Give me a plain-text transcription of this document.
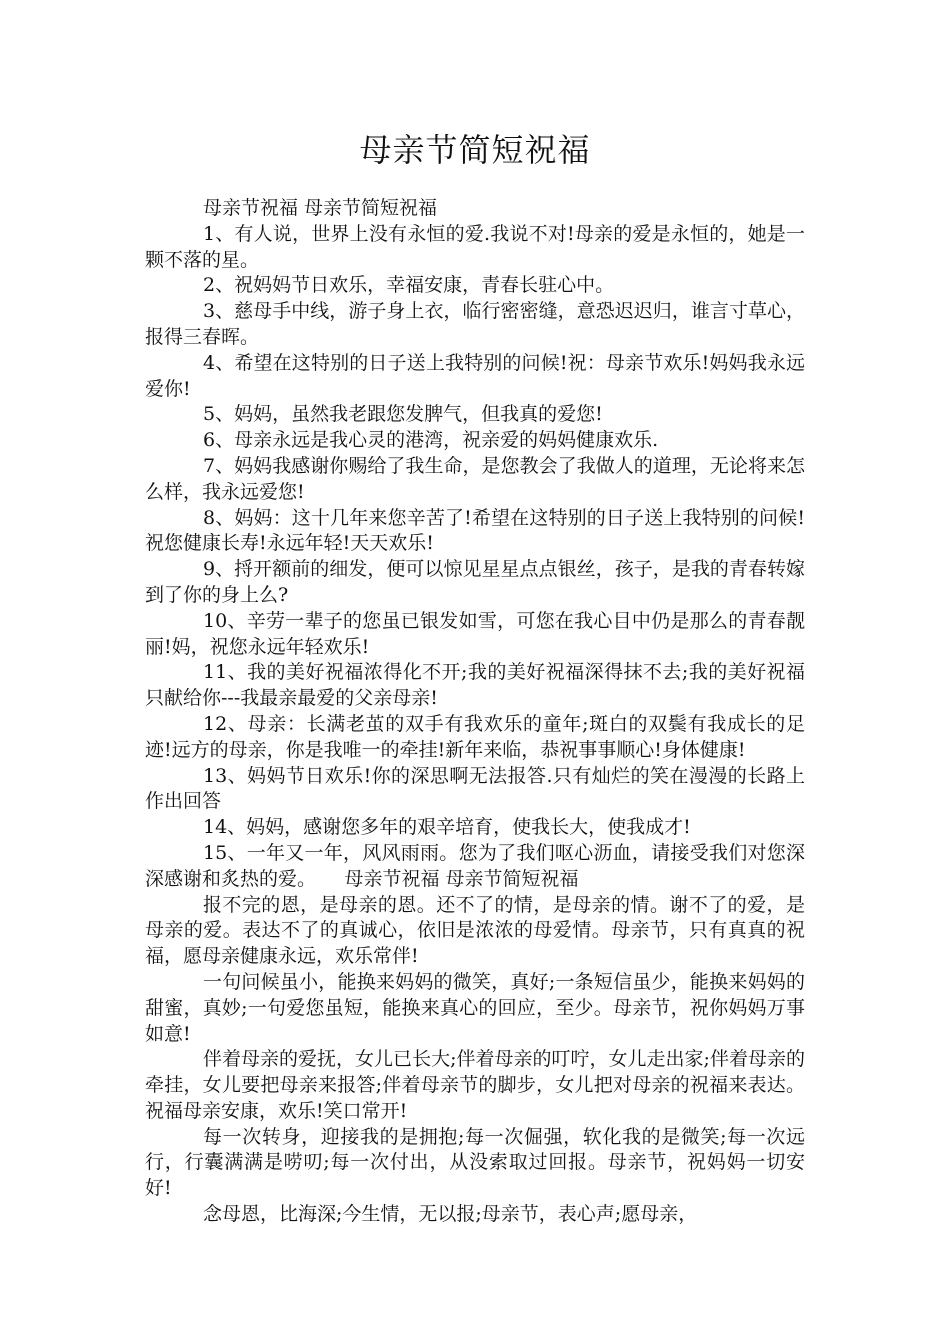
母亲节简短祝福

母亲节祝福 母亲节简短祝福

1、有人说，世界上没有永恒的爱.我说不对!母亲的爱是永恒的，她是一颗不落的星。

2、祝妈妈节日欢乐，幸福安康，青春长驻心中。

3、慈母手中线，游子身上衣，临行密密缝，意恐迟迟归，谁言寸草心，报得三春晖。

4、希望在这特别的日子送上我特别的问候!祝：母亲节欢乐!妈妈我永远爱你!

5、妈妈，虽然我老跟您发脾气，但我真的爱您!

6、母亲永远是我心灵的港湾，祝亲爱的妈妈健康欢乐.

7、妈妈我感谢你赐给了我生命，是您教会了我做人的道理，无论将来怎么样，我永远爱您!

8、妈妈：这十几年来您辛苦了!希望在这特别的日子送上我特别的问候!祝您健康长寿!永远年轻!天天欢乐!

9、捋开额前的细发，便可以惊见星星点点银丝，孩子，是我的青春转嫁到了你的身上么?

10、辛劳一辈子的您虽已银发如雪，可您在我心目中仍是那么的青春靓丽!妈，祝您永远年轻欢乐!

11、我的美好祝福浓得化不开;我的美好祝福深得抹不去;我的美好祝福只献给你---我最亲最爱的父亲母亲!

12、母亲：长满老茧的双手有我欢乐的童年;斑白的双鬓有我成长的足迹!远方的母亲，你是我唯一的牵挂!新年来临，恭祝事事顺心!身体健康!

13、妈妈节日欢乐!你的深思啊无法报答.只有灿烂的笑在漫漫的长路上作出回答

14、妈妈，感谢您多年的艰辛培育，使我长大，使我成才!

15、一年又一年，风风雨雨。您为了我们呕心沥血，请接受我们对您深深感谢和炙热的爱。　　母亲节祝福 母亲节简短祝福

报不完的恩，是母亲的恩。还不了的情，是母亲的情。谢不了的爱，是母亲的爱。表达不了的真诚心，依旧是浓浓的母爱情。母亲节，只有真真的祝福，愿母亲健康永远，欢乐常伴!

一句问候虽小，能换来妈妈的微笑，真好;一条短信虽少，能换来妈妈的甜蜜，真妙;一句爱您虽短，能换来真心的回应，至少。母亲节，祝你妈妈万事如意!

伴着母亲的爱抚，女儿已长大;伴着母亲的叮咛，女儿走出家;伴着母亲的牵挂，女儿要把母亲来报答;伴着母亲节的脚步，女儿把对母亲的祝福来表达。祝福母亲安康，欢乐!笑口常开!

每一次转身，迎接我的是拥抱;每一次倔强，软化我的是微笑;每一次远行，行囊满满是唠叨;每一次付出，从没索取过回报。母亲节，祝妈妈一切安好!

念母恩，比海深;今生情，无以报;母亲节，表心声;愿母亲，
